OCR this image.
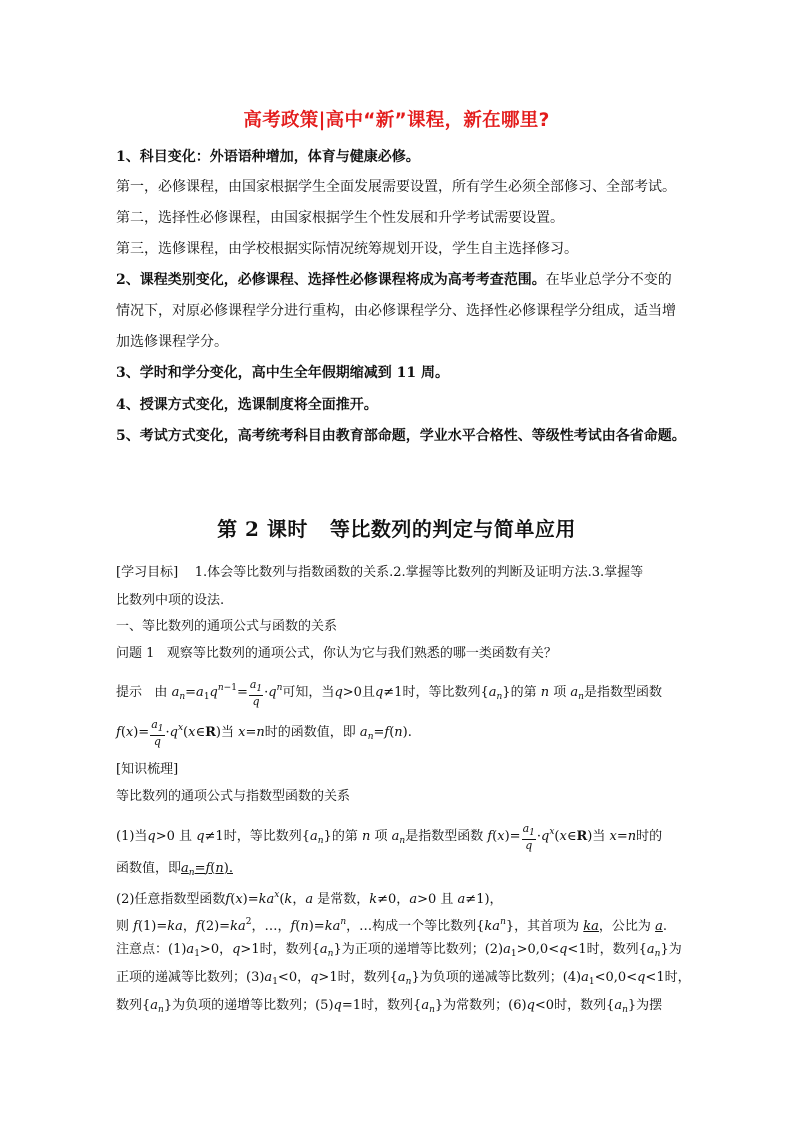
高考政策|高中“新”课程，新在哪里?
1、科目变化：外语语种增加，体育与健康必修。
第一，必修课程，由国家根据学生全面发展需要设置，所有学生必须全部修习、全部考试。
第二，选择性必修课程，由国家根据学生个性发展和升学考试需要设置。
第三，选修课程，由学校根据实际情况统筹规划开设，学生自主选择修习。
2、课程类别变化，必修课程、选择性必修课程将成为高考考查范围。在毕业总学分不变的
情况下，对原必修课程学分进行重构，由必修课程学分、选择性必修课程学分组成，适当增
加选修课程学分。
3、学时和学分变化，高中生全年假期缩减到 11 周。
4、授课方式变化，选课制度将全面推开。
5、考试方式变化，高考统考科目由教育部命题，学业水平合格性、等级性考试由各省命题。
第 2 课时 等比数列的判定与简单应用
[学习目标] 1.体会等比数列与指数函数的关系.2.掌握等比数列的判断及证明方法.3.掌握等
比数列中项的设法.
一、等比数列的通项公式与函数的关系
问题 1 观察等比数列的通项公式，你认为它与我们熟悉的哪一类函数有关？
提示 由 $a_n=a_1q^{n-1}= \frac{a_1}{q} \cdot q^n$可知，当q>0且q≠1时，等比数列$\{a_n\}$的第 n 项 $a_n$是指数型函数
$f(x)= \frac{a_1}{q}$ $\cdot q^x(x\in R)$当 x=n时的函数值，即 $a_n=f(n)$.
[知识梳理]
等比数列的通项公式与指数型函数的关系
(1)当q>0 且 q≠1时，等比数列$\{a_n\}$的第 n 项 $a_n$是指数型函数 $f(x)= \frac{a_1}{q}$ $\cdot q^x(x\in R)$当 x=n时的
函数值，即$a_n=f(n)$.
(2)任意指数型函数$f(x)=ka^x(k$，a 是常数，k≠0，a>0 且 a≠1)，
则 f(1)=ka，$f(2)=ka^2$，…，$f(n)=ka^n$，…构成一个等比数列$\{ka^n\}$，其首项为 ka，公比为 a.
注意点：$(1)a_1>0$，q>1时，数列$\{a_n\}$为正项的递增等比数列；$(2)a_1>0,0<q<1$时，数列$\{a_n\}$为
正项的递减等比数列；$(3)a_1<0$，q>1时，数列$\{a_n\}$为负项的递减等比数列；$(4)a_1<0,0<q<1$时，
数列$\{a_n\}$为负项的递增等比数列；(5)q=1时，数列$\{a_n\}$为常数列；(6)q<0时，数列$\{a_n\}$为摆
